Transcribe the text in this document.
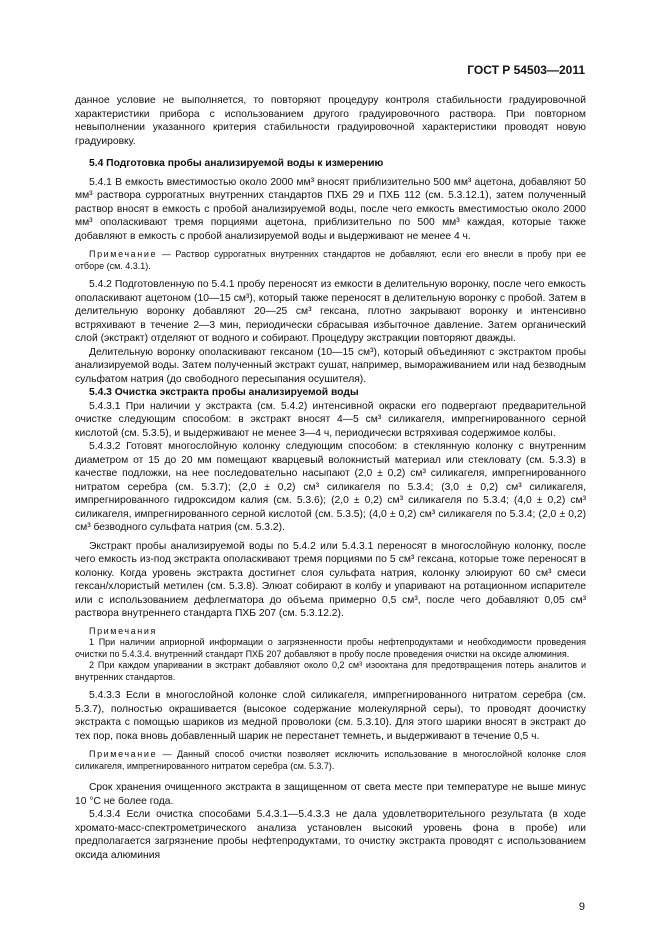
ГОСТ Р 54503—2011

данное условие не выполняется, то повторяют процедуру контроля стабильности градуировочной характеристики прибора с использованием другого градуировочного раствора. При повторном невыполнении указанного критерия стабильности градуировочной характеристики проводят новую градуировку.

5.4 Подготовка пробы анализируемой воды к измерению

5.4.1 В емкость вместимостью около 2000 мм³ вносят приблизительно 500 мм³ ацетона, добавляют 50 мм³ раствора суррогатных внутренних стандартов ПХБ 29 и ПХБ 112 (см. 5.3.12.1), затем полученный раствор вносят в емкость с пробой анализируемой воды, после чего емкость вместимостью около 2000 мм³ ополаскивают тремя порциями ацетона, приблизительно по 500 мм³ каждая, которые также добавляют в емкость с пробой анализируемой воды и выдерживают не менее 4 ч.

Примечание — Раствор суррогатных внутренних стандартов не добавляют, если его внесли в пробу при ее отборе (см. 4.3.1).

5.4.2 Подготовленную по 5.4.1 пробу переносят из емкости в делительную воронку, после чего емкость ополаскивают ацетоном (10—15 см³), который также переносят в делительную воронку с пробой. Затем в делительную воронку добавляют 20—25 см³ гексана, плотно закрывают воронку и интенсивно встряхивают в течение 2—3 мин, периодически сбрасывая избыточное давление. Затем органический слой (экстракт) отделяют от водного и собирают. Процедуру экстракции повторяют дважды.

Делительную воронку ополаскивают гексаном (10—15 см³), который объединяют с экстрактом пробы анализируемой воды. Затем полученный экстракт сушат, например, вымораживанием или над безводным сульфатом натрия (до свободного пересыпания осушителя).

5.4.3 Очистка экстракта пробы анализируемой воды

5.4.3.1 При наличии у экстракта (см. 5.4.2) интенсивной окраски его подвергают предварительной очистке следующим способом: в экстракт вносят 4—5 см³ силикагеля, импрегнированного серной кислотой (см. 5.3.5), и выдерживают не менее 3—4 ч, периодически встряхивая содержимое колбы.

5.4.3.2 Готовят многослойную колонку следующим способом: в стеклянную колонку с внутренним диаметром от 15 до 20 мм помещают кварцевый волокнистый материал или стекловату (см. 5.3.3) в качестве подложки, на нее последовательно насыпают (2,0 ± 0,2) см³ силикагеля, импрегнированного нитратом серебра (см. 5.3.7); (2,0 ± 0,2) см³ силикагеля по 5.3.4; (3,0 ± 0,2) см³ силикагеля, импрегнированного гидроксидом калия (см. 5.3.6); (2,0 ± 0,2) см³ силикагеля по 5.3.4; (4,0 ± 0,2) см³ силикагеля, импрегнированного серной кислотой (см. 5.3.5); (4,0 ± 0,2) см³ силикагеля по 5.3.4; (2,0 ± 0,2) см³ безводного сульфата натрия (см. 5.3.2).

Экстракт пробы анализируемой воды по 5.4.2 или 5.4.3.1 переносят в многослойную колонку, после чего емкость из-под экстракта ополаскивают тремя порциями по 5 см³ гексана, которые тоже переносят в колонку. Когда уровень экстракта достигнет слоя сульфата натрия, колонку элюируют 60 см³ смеси гексан/хлористый метилен (см. 5.3.8). Элюат собирают в колбу и упаривают на ротационном испарителе или с использованием дефлегматора до объема примерно 0,5 см³, после чего добавляют 0,05 см³ раствора внутреннего стандарта ПХБ 207 (см. 5.3.12.2).

Примечания

1 При наличии априорной информации о загрязненности пробы нефтепродуктами и необходимости проведения очистки по 5.4.3.4. внутренний стандарт ПХБ 207 добавляют в пробу после проведения очистки на оксиде алюминия.

2 При каждом упаривании в экстракт добавляют около 0,2 см³ изооктана для предотвращения потерь аналитов и внутренних стандартов.

5.4.3.3 Если в многослойной колонке слой силикагеля, импрегнированного нитратом серебра (см. 5.3.7), полностью окрашивается (высокое содержание молекулярной серы), то проводят доочистку экстракта с помощью шариков из медной проволоки (см. 5.3.10). Для этого шарики вносят в экстракт до тех пор, пока вновь добавленный шарик не перестанет темнеть, и выдерживают в течение 0,5 ч.

Примечание — Данный способ очистки позволяет исключить использование в многослойной колонке слоя силикагеля, импрегнированного нитратом серебра (см. 5.3.7).

Срок хранения очищенного экстракта в защищенном от света месте при температуре не выше минус 10 °С не более года.

5.4.3.4 Если очистка способами 5.4.3.1—5.4.3.3 не дала удовлетворительного результата (в ходе хромато-масс-спектрометрического анализа установлен высокий уровень фона в пробе) или предполагается загрязнение пробы нефтепродуктами, то очистку экстракта проводят с использованием оксида алюминия

9
